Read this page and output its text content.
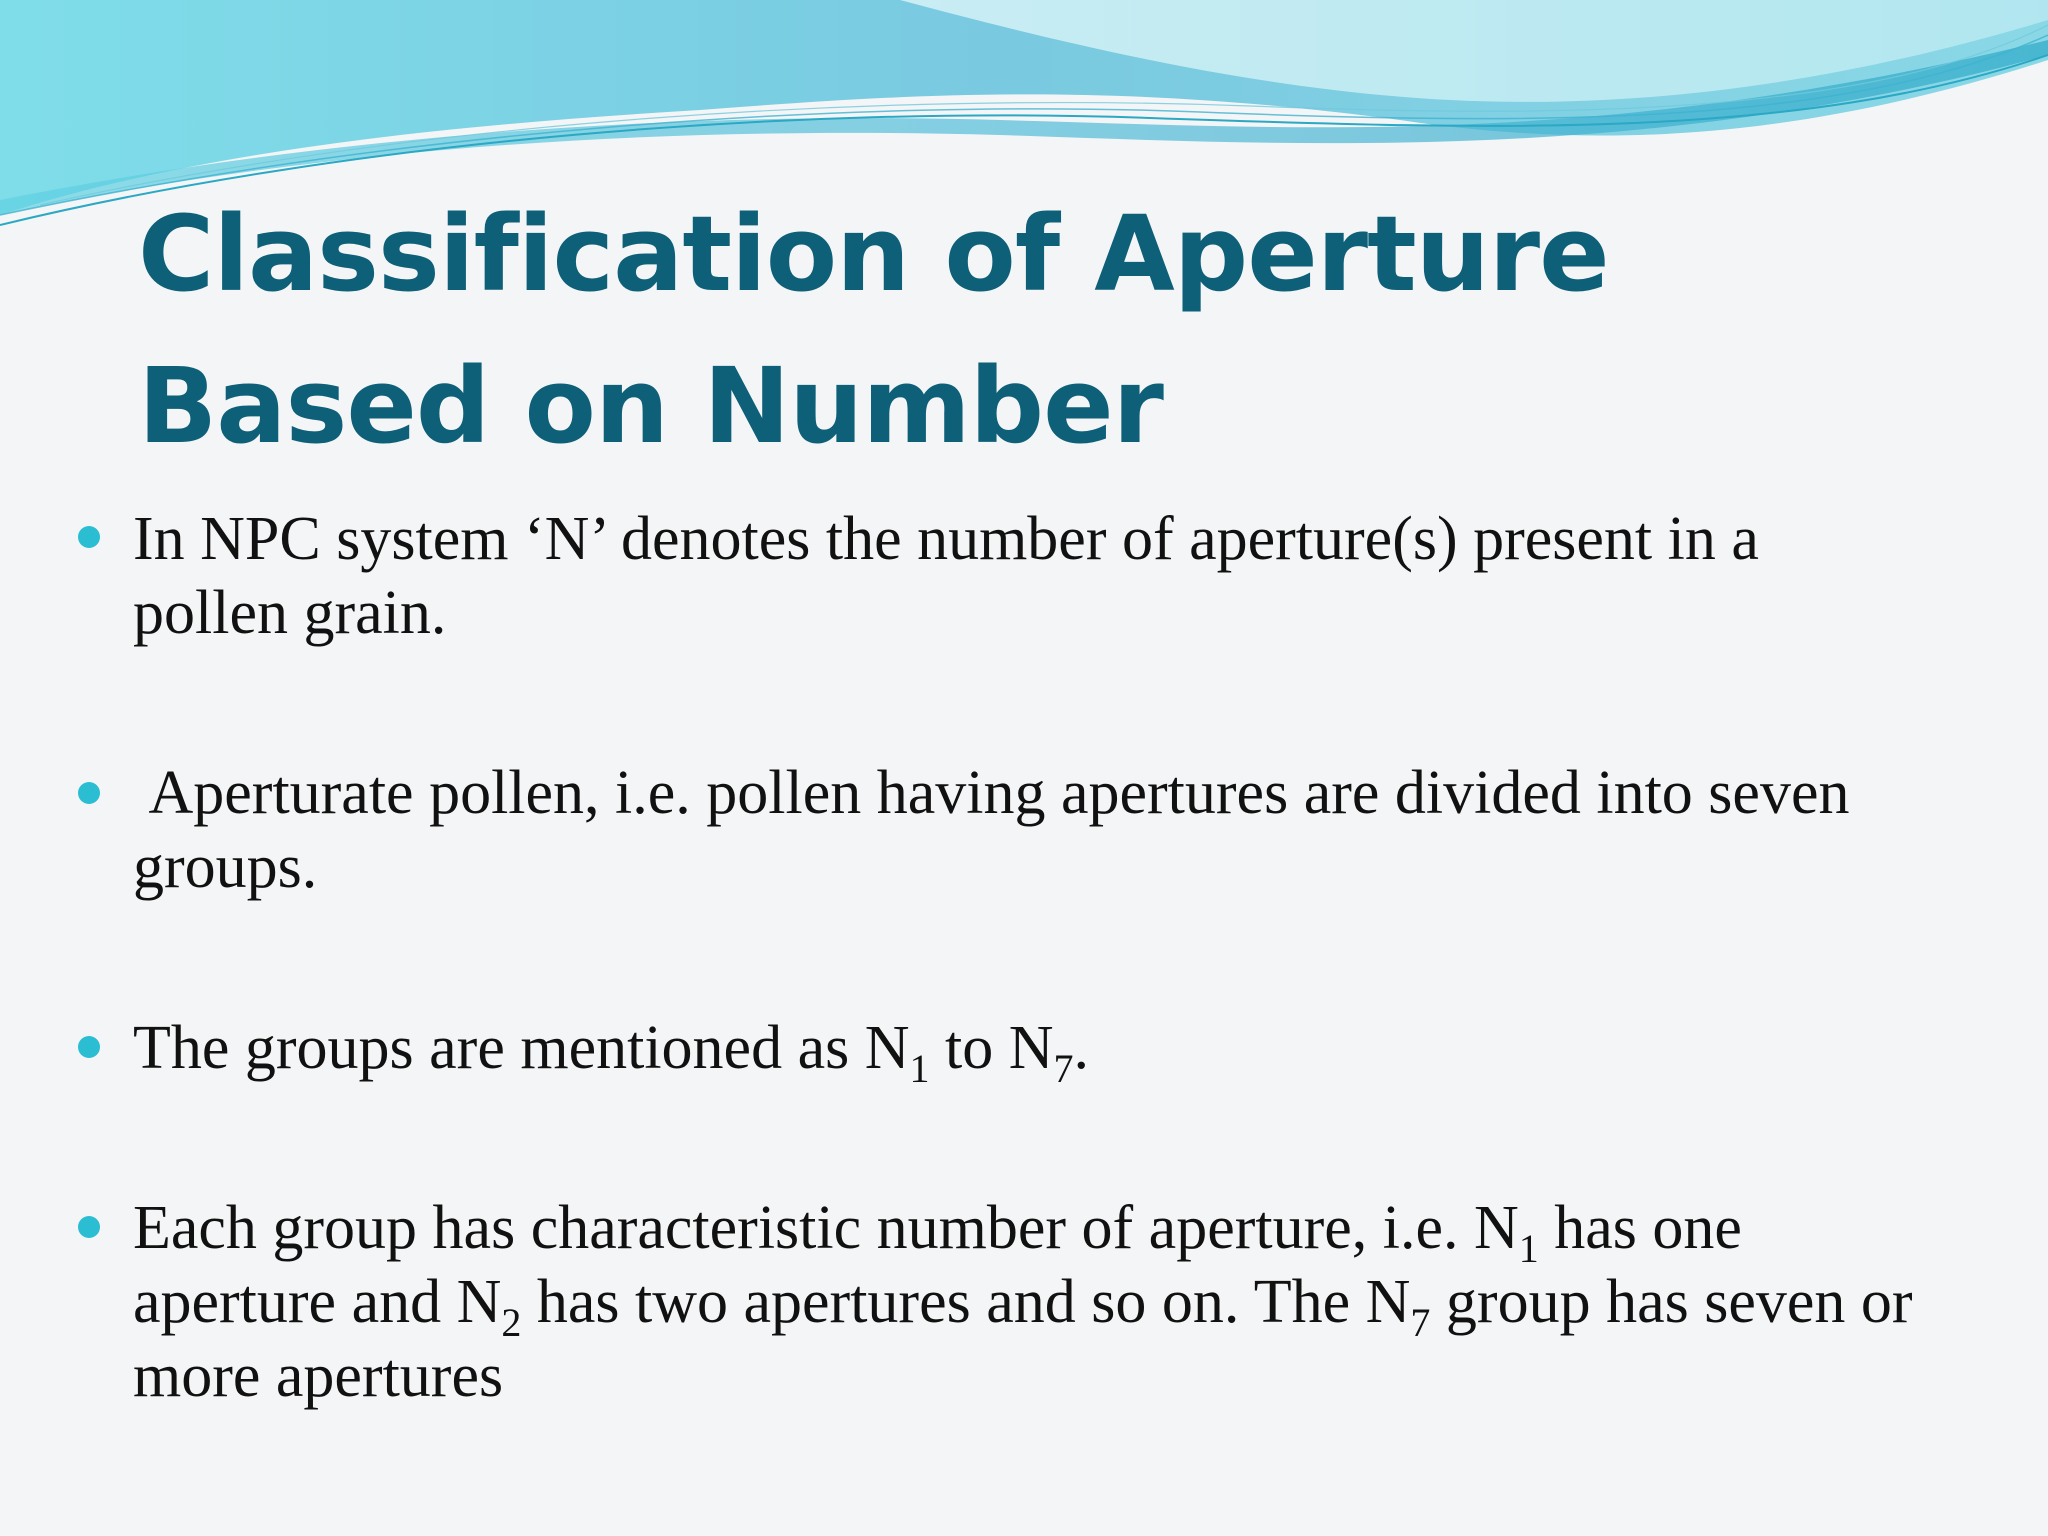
Classification of Aperture Based on Number
In NPC system ‘N’ denotes the number of aperture(s) present in a pollen grain.
Aperturate pollen, i.e. pollen having apertures are divided into seven groups.
The groups are mentioned as $N_1$ to $N_7$.
Each group has characteristic number of aperture, i.e. $N_1$ has one aperture and $N_2$ has two apertures and so on. The $N_7$ group has seven or more apertures
